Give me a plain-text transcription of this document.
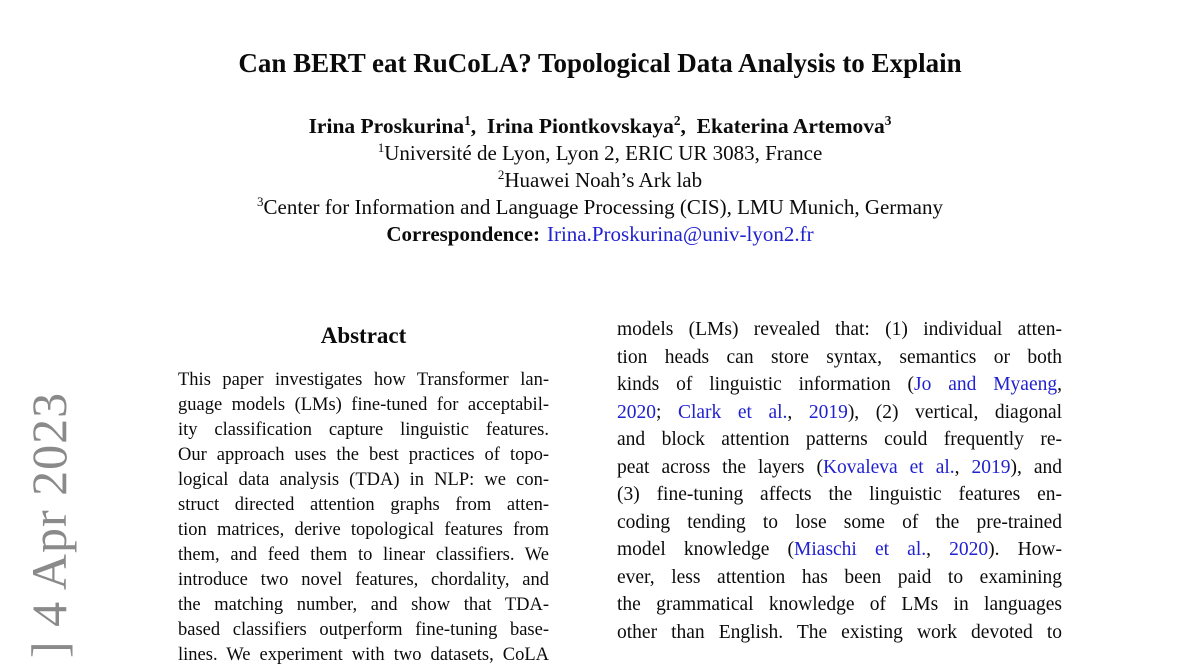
] 4 Apr 2023
Can BERT eat RuCoLA? Topological Data Analysis to Explain
Irina Proskurina$^1$,  Irina Piontkovskaya$^2$,  Ekaterina Artemova$^3$
$^1$Université de Lyon, Lyon 2, ERIC UR 3083, France
$^2$Huawei Noah’s Ark lab
$^3$Center for Information and Language Processing (CIS), LMU Munich, Germany
Correspondence: Irina.Proskurina@univ-lyon2.fr
Abstract
This paper investigates how Transformer lan-
guage models (LMs) fine-tuned for acceptabil-
ity classification capture linguistic features.
Our approach uses the best practices of topo-
logical data analysis (TDA) in NLP: we con-
struct directed attention graphs from atten-
tion matrices, derive topological features from
them, and feed them to linear classifiers. We
introduce two novel features, chordality, and
the matching number, and show that TDA-
based classifiers outperform fine-tuning base-
lines. We experiment with two datasets, CoLA
models (LMs) revealed that: (1) individual atten-
tion heads can store syntax, semantics or both
kinds of linguistic information (Jo and Myaeng,
2020; Clark et al., 2019), (2) vertical, diagonal
and block attention patterns could frequently re-
peat across the layers (Kovaleva et al., 2019), and
(3) fine-tuning affects the linguistic features en-
coding tending to lose some of the pre-trained
model knowledge (Miaschi et al., 2020). How-
ever, less attention has been paid to examining
the grammatical knowledge of LMs in languages
other than English. The existing work devoted to
